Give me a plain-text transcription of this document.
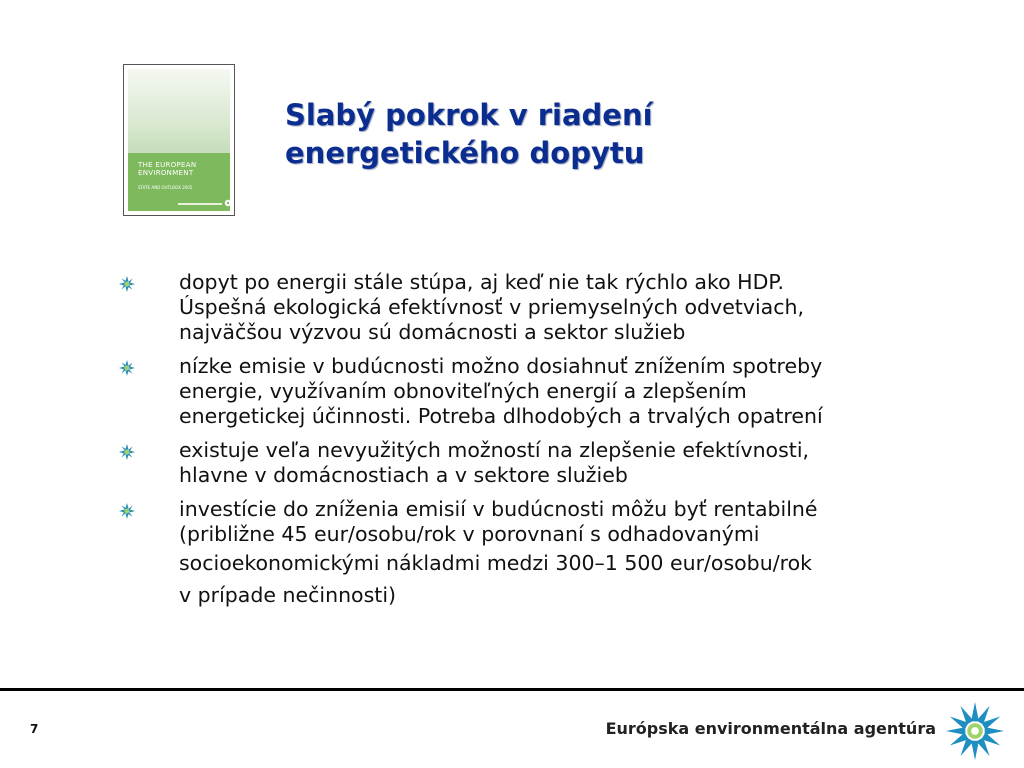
THE EUROPEAN
ENVIRONMENT
STATE AND OUTLOOK 2005
Slabý pokrok v riadení
energetického dopytu
dopyt po energii stále stúpa, aj keď nie tak rýchlo ako HDP.
Úspešná ekologická efektívnosť v priemyselných odvetviach,
najväčšou výzvou sú domácnosti a sektor služieb
nízke emisie v budúcnosti možno dosiahnuť znížením spotreby
energie, využívaním obnoviteľných energií a zlepšením
energetickej účinnosti. Potreba dlhodobých a trvalých opatrení
existuje veľa nevyužitých možností na zlepšenie efektívnosti,
hlavne v domácnostiach a v sektore služieb
investície do zníženia emisií v budúcnosti môžu byť rentabilné
(približne 45 eur/osobu/rok v porovnaní s odhadovanými
socioekonomickými nákladmi medzi 300–1 500 eur/osobu/rok
v prípade nečinnosti)
7	Európska environmentálna agentúra
